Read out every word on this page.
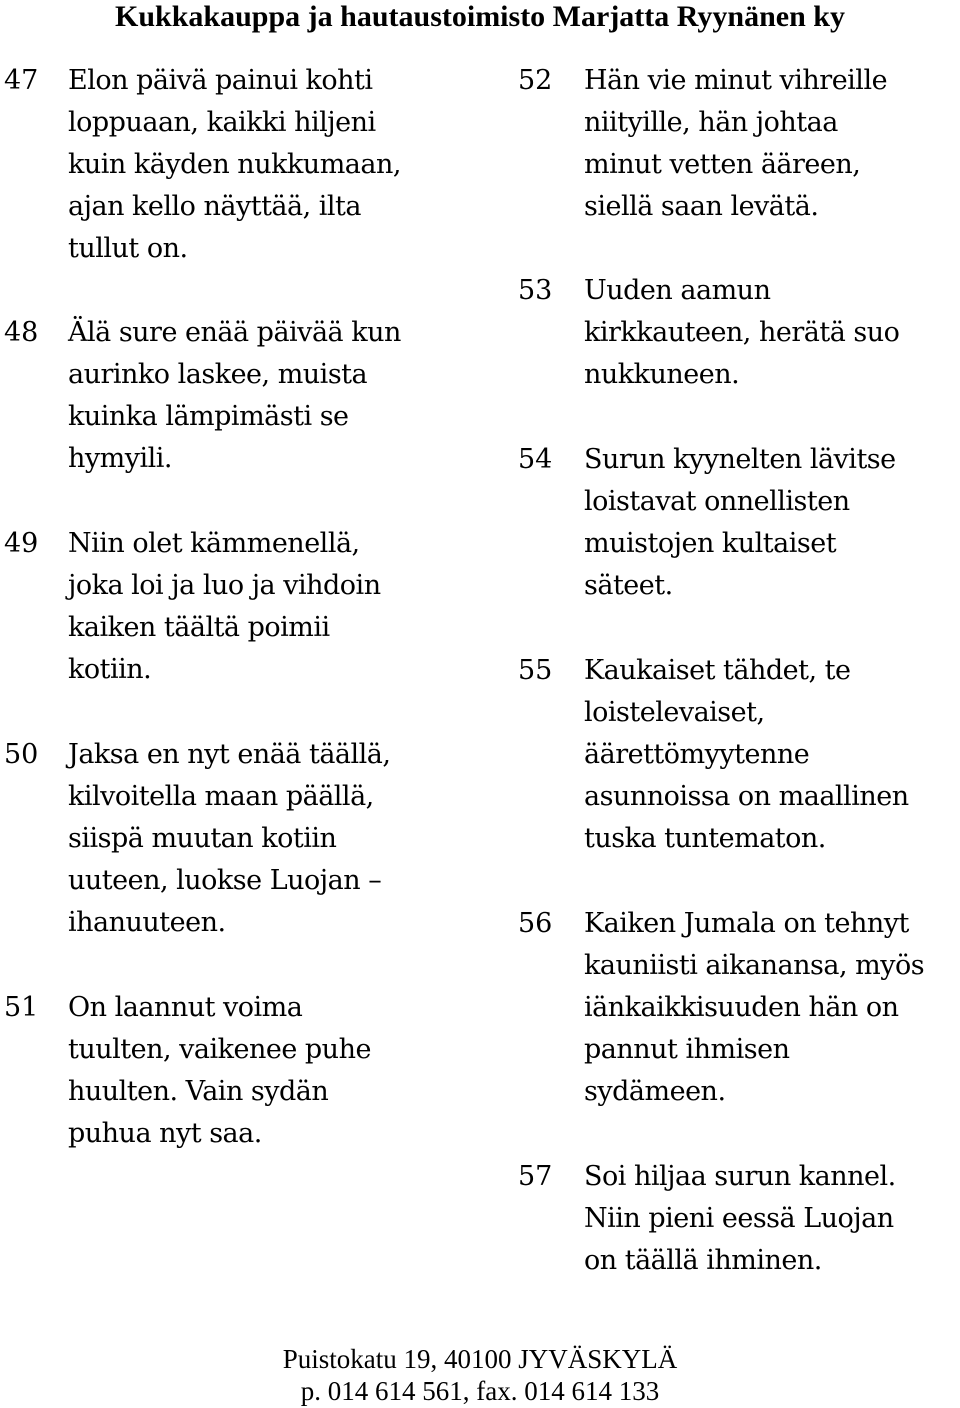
Kukkakauppa ja hautaustoimisto Marjatta Ryynänen ky
47 Elon päivä painui kohti
loppuaan, kaikki hiljeni
kuin käyden nukkumaan,
ajan kello näyttää, ilta
tullut on.
48 Älä sure enää päivää kun
aurinko laskee, muista
kuinka lämpimästi se
hymyili.
49 Niin olet kämmenellä,
joka loi ja luo ja vihdoin
kaiken täältä poimii
kotiin.
50 Jaksa en nyt enää täällä,
kilvoitella maan päällä,
siispä muutan kotiin
uuteen, luokse Luojan –
ihanuuteen.
51 On laannut voima
tuulten, vaikenee puhe
huulten. Vain sydän
puhua nyt saa.
52 Hän vie minut vihreille
niityille, hän johtaa
minut vetten ääreen,
siellä saan levätä.
53 Uuden aamun
kirkkauteen, herätä suo
nukkuneen.
54 Surun kyynelten lävitse
loistavat onnellisten
muistojen kultaiset
säteet.
55 Kaukaiset tähdet, te
loistelevaiset,
äärettömyytenne
asunnoissa on maallinen
tuska tuntematon.
56 Kaiken Jumala on tehnyt
kauniisti aikanansa, myös
iänkaikkisuuden hän on
pannut ihmisen
sydämeen.
57 Soi hiljaa surun kannel.
Niin pieni eessä Luojan
on täällä ihminen.
Puistokatu 19, 40100 JYVÄSKYLÄ
p. 014 614 561, fax. 014 614 133
